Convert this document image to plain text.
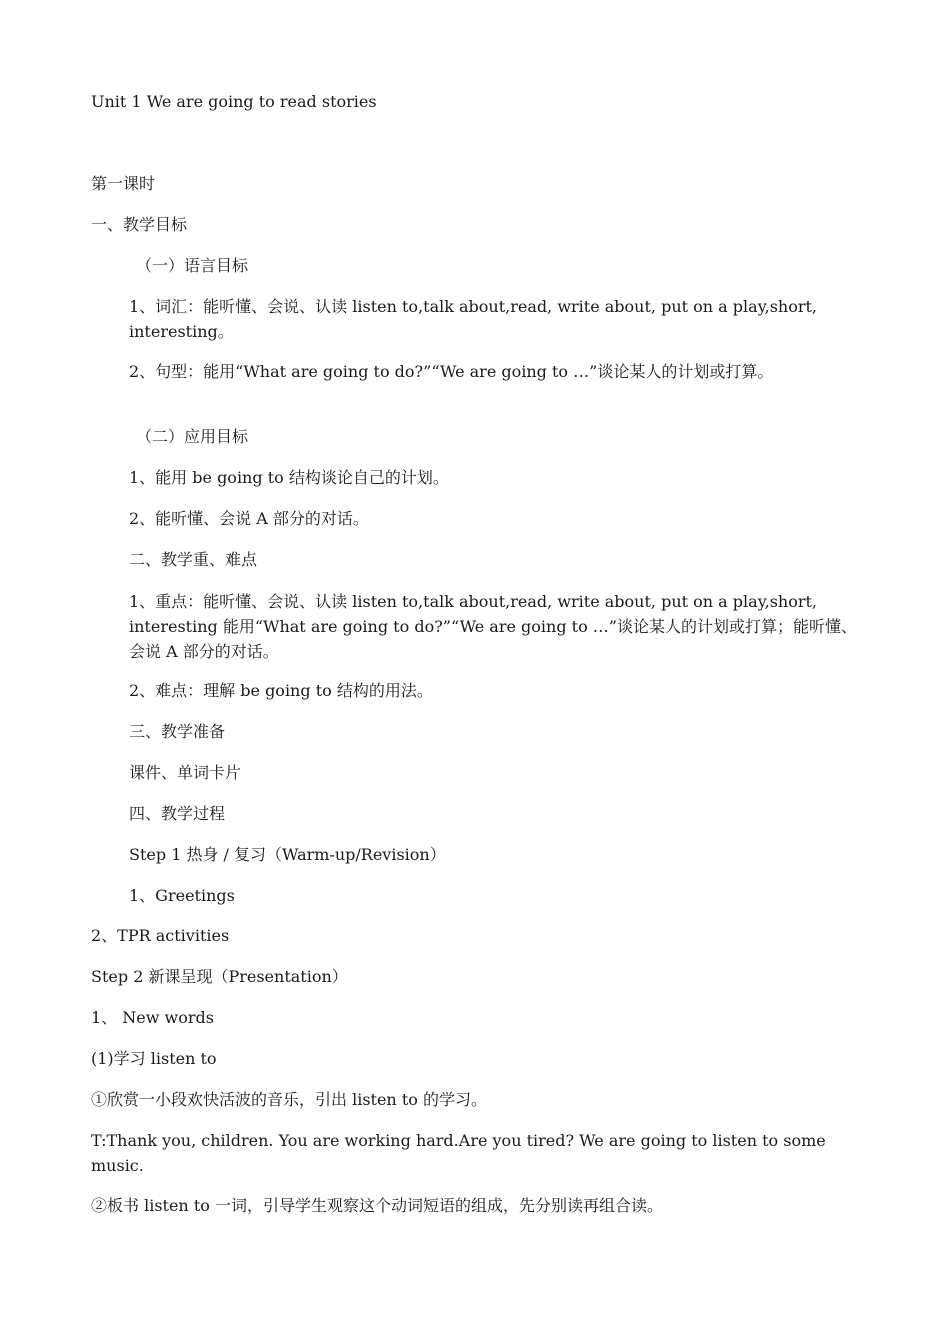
Unit 1 We are going to read stories
第一课时
一、教学目标
（一）语言目标
1、词汇：能听懂、会说、认读 listen to,talk about,read, write about, put on a play,short, interesting。
2、句型：能用“What are going to do?”“We are going to …”谈论某人的计划或打算。
（二）应用目标
1、能用 be going to 结构谈论自己的计划。
2、能听懂、会说 A 部分的对话。
二、教学重、难点
1、重点：能听懂、会说、认读 listen to,talk about,read, write about, put on a play,short, interesting 能用“What are going to do?”“We are going to …”谈论某人的计划或打算；能听懂、会说 A 部分的对话。
2、难点：理解 be going to 结构的用法。
三、教学准备
课件、单词卡片
四、教学过程
Step 1 热身 / 复习（Warm-up/Revision）
1、Greetings
2、TPR activities
Step 2 新课呈现（Presentation）
1、 New words
(1)学习 listen to
①欣赏一小段欢快活波的音乐，引出 listen to 的学习。
T:Thank you, children. You are working hard.Are you tired? We are going to listen to some music.
②板书 listen to 一词，引导学生观察这个动词短语的组成，先分别读再组合读。
